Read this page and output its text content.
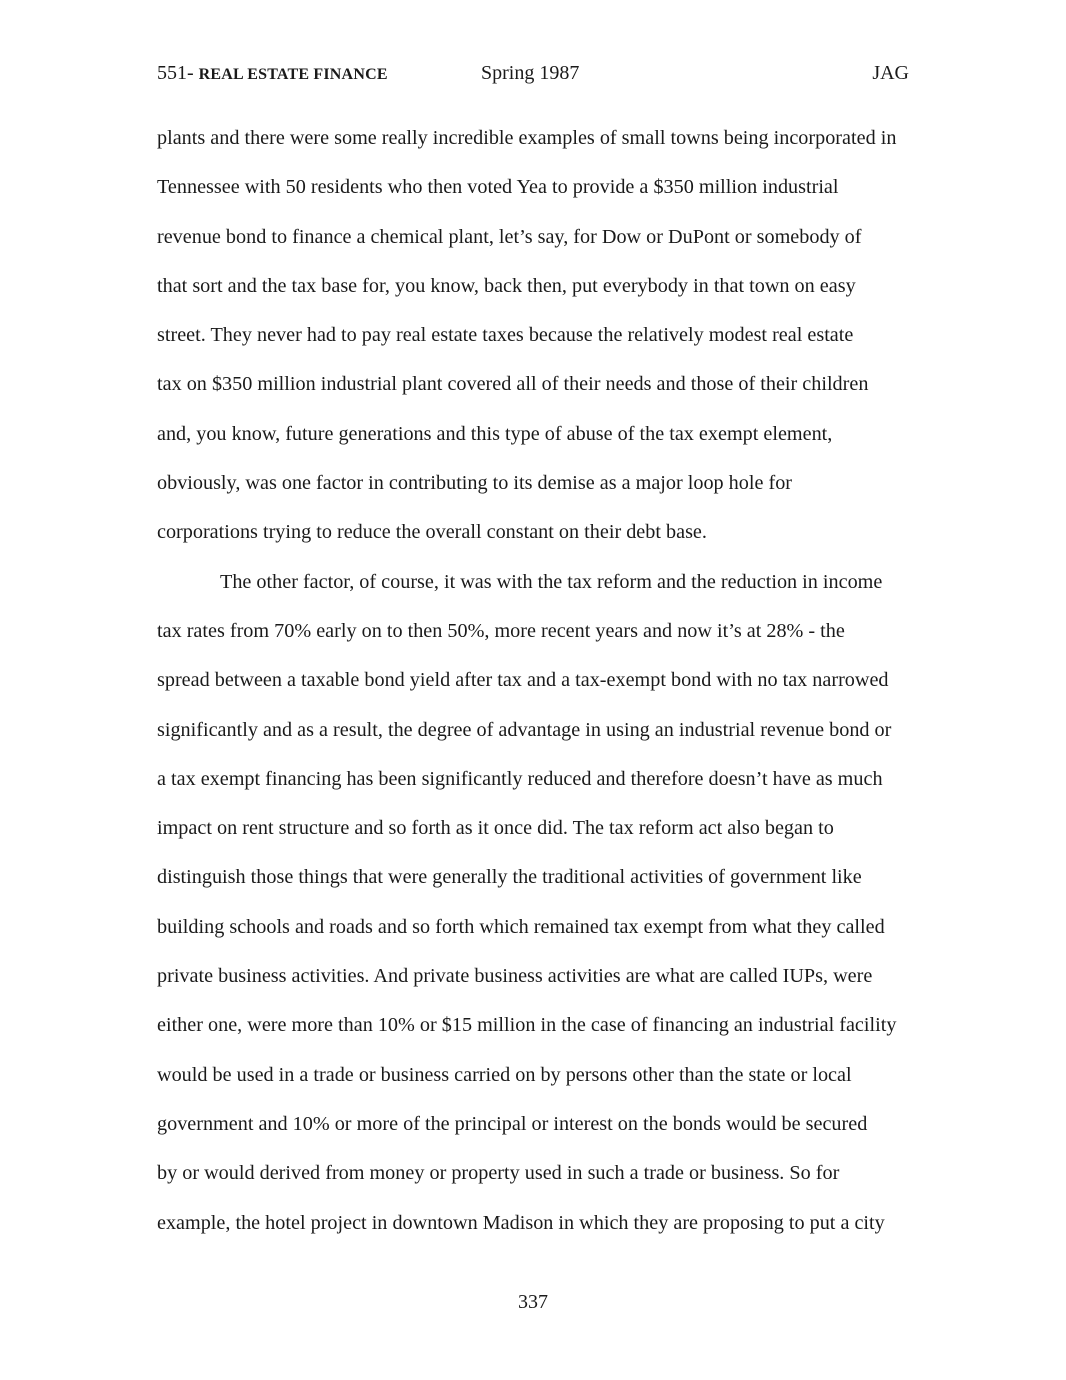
551- REAL ESTATE FINANCE	Spring 1987	JAG
plants and there were some really incredible examples of small towns being incorporated in
Tennessee with 50 residents who then voted Yea to provide a $350 million industrial
revenue bond to finance a chemical plant, let’s say, for Dow or DuPont or somebody of
that sort and the tax base for, you know, back then, put everybody in that town on easy
street. They never had to pay real estate taxes because the relatively modest real estate
tax on $350 million industrial plant covered all of their needs and those of their children
and, you know, future generations and this type of abuse of the tax exempt element,
obviously, was one factor in contributing to its demise as a major loop hole for
corporations trying to reduce the overall constant on their debt base.
The other factor, of course, it was with the tax reform and the reduction in income
tax rates from 70% early on to then 50%, more recent years and now it’s at 28% - the
spread between a taxable bond yield after tax and a tax-exempt bond with no tax narrowed
significantly and as a result, the degree of advantage in using an industrial revenue bond or
a tax exempt financing has been significantly reduced and therefore doesn’t have as much
impact on rent structure and so forth as it once did. The tax reform act also began to
distinguish those things that were generally the traditional activities of government like
building schools and roads and so forth which remained tax exempt from what they called
private business activities. And private business activities are what are called IUPs, were
either one, were more than 10% or $15 million in the case of financing an industrial facility
would be used in a trade or business carried on by persons other than the state or local
government and 10% or more of the principal or interest on the bonds would be secured
by or would derived from money or property used in such a trade or business. So for
example, the hotel project in downtown Madison in which they are proposing to put a city
337
